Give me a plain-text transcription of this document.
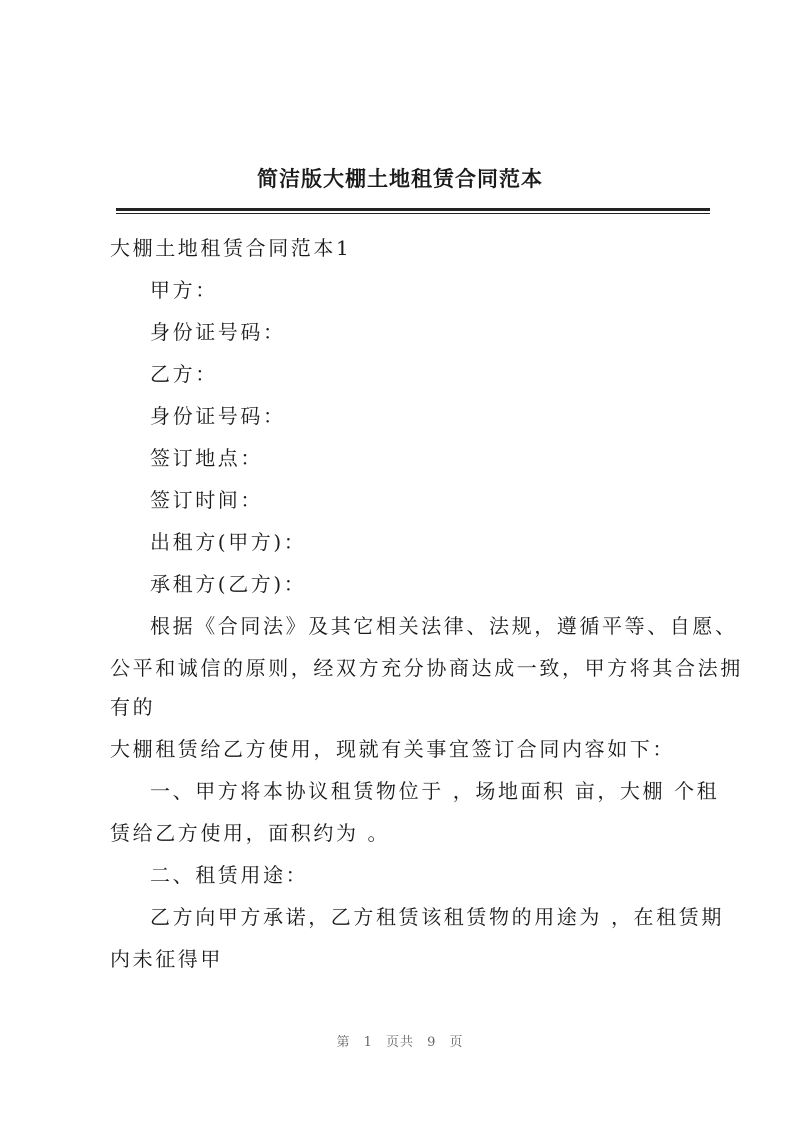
简洁版大棚土地租赁合同范本
大棚土地租赁合同范本1
甲方：
身份证号码：
乙方：
身份证号码：
签订地点：
签订时间：
出租方(甲方)：
承租方(乙方)：
根据《合同法》及其它相关法律、法规，遵循平等、自愿、
公平和诚信的原则，经双方充分协商达成一致，甲方将其合法拥
有的
大棚租赁给乙方使用，现就有关事宜签订合同内容如下：
一、甲方将本协议租赁物位于 ，场地面积 亩，大棚 个租
赁给乙方使用，面积约为 。
二、租赁用途：
乙方向甲方承诺，乙方租赁该租赁物的用途为 ，在租赁期
内未征得甲
第 1 页共 9 页
